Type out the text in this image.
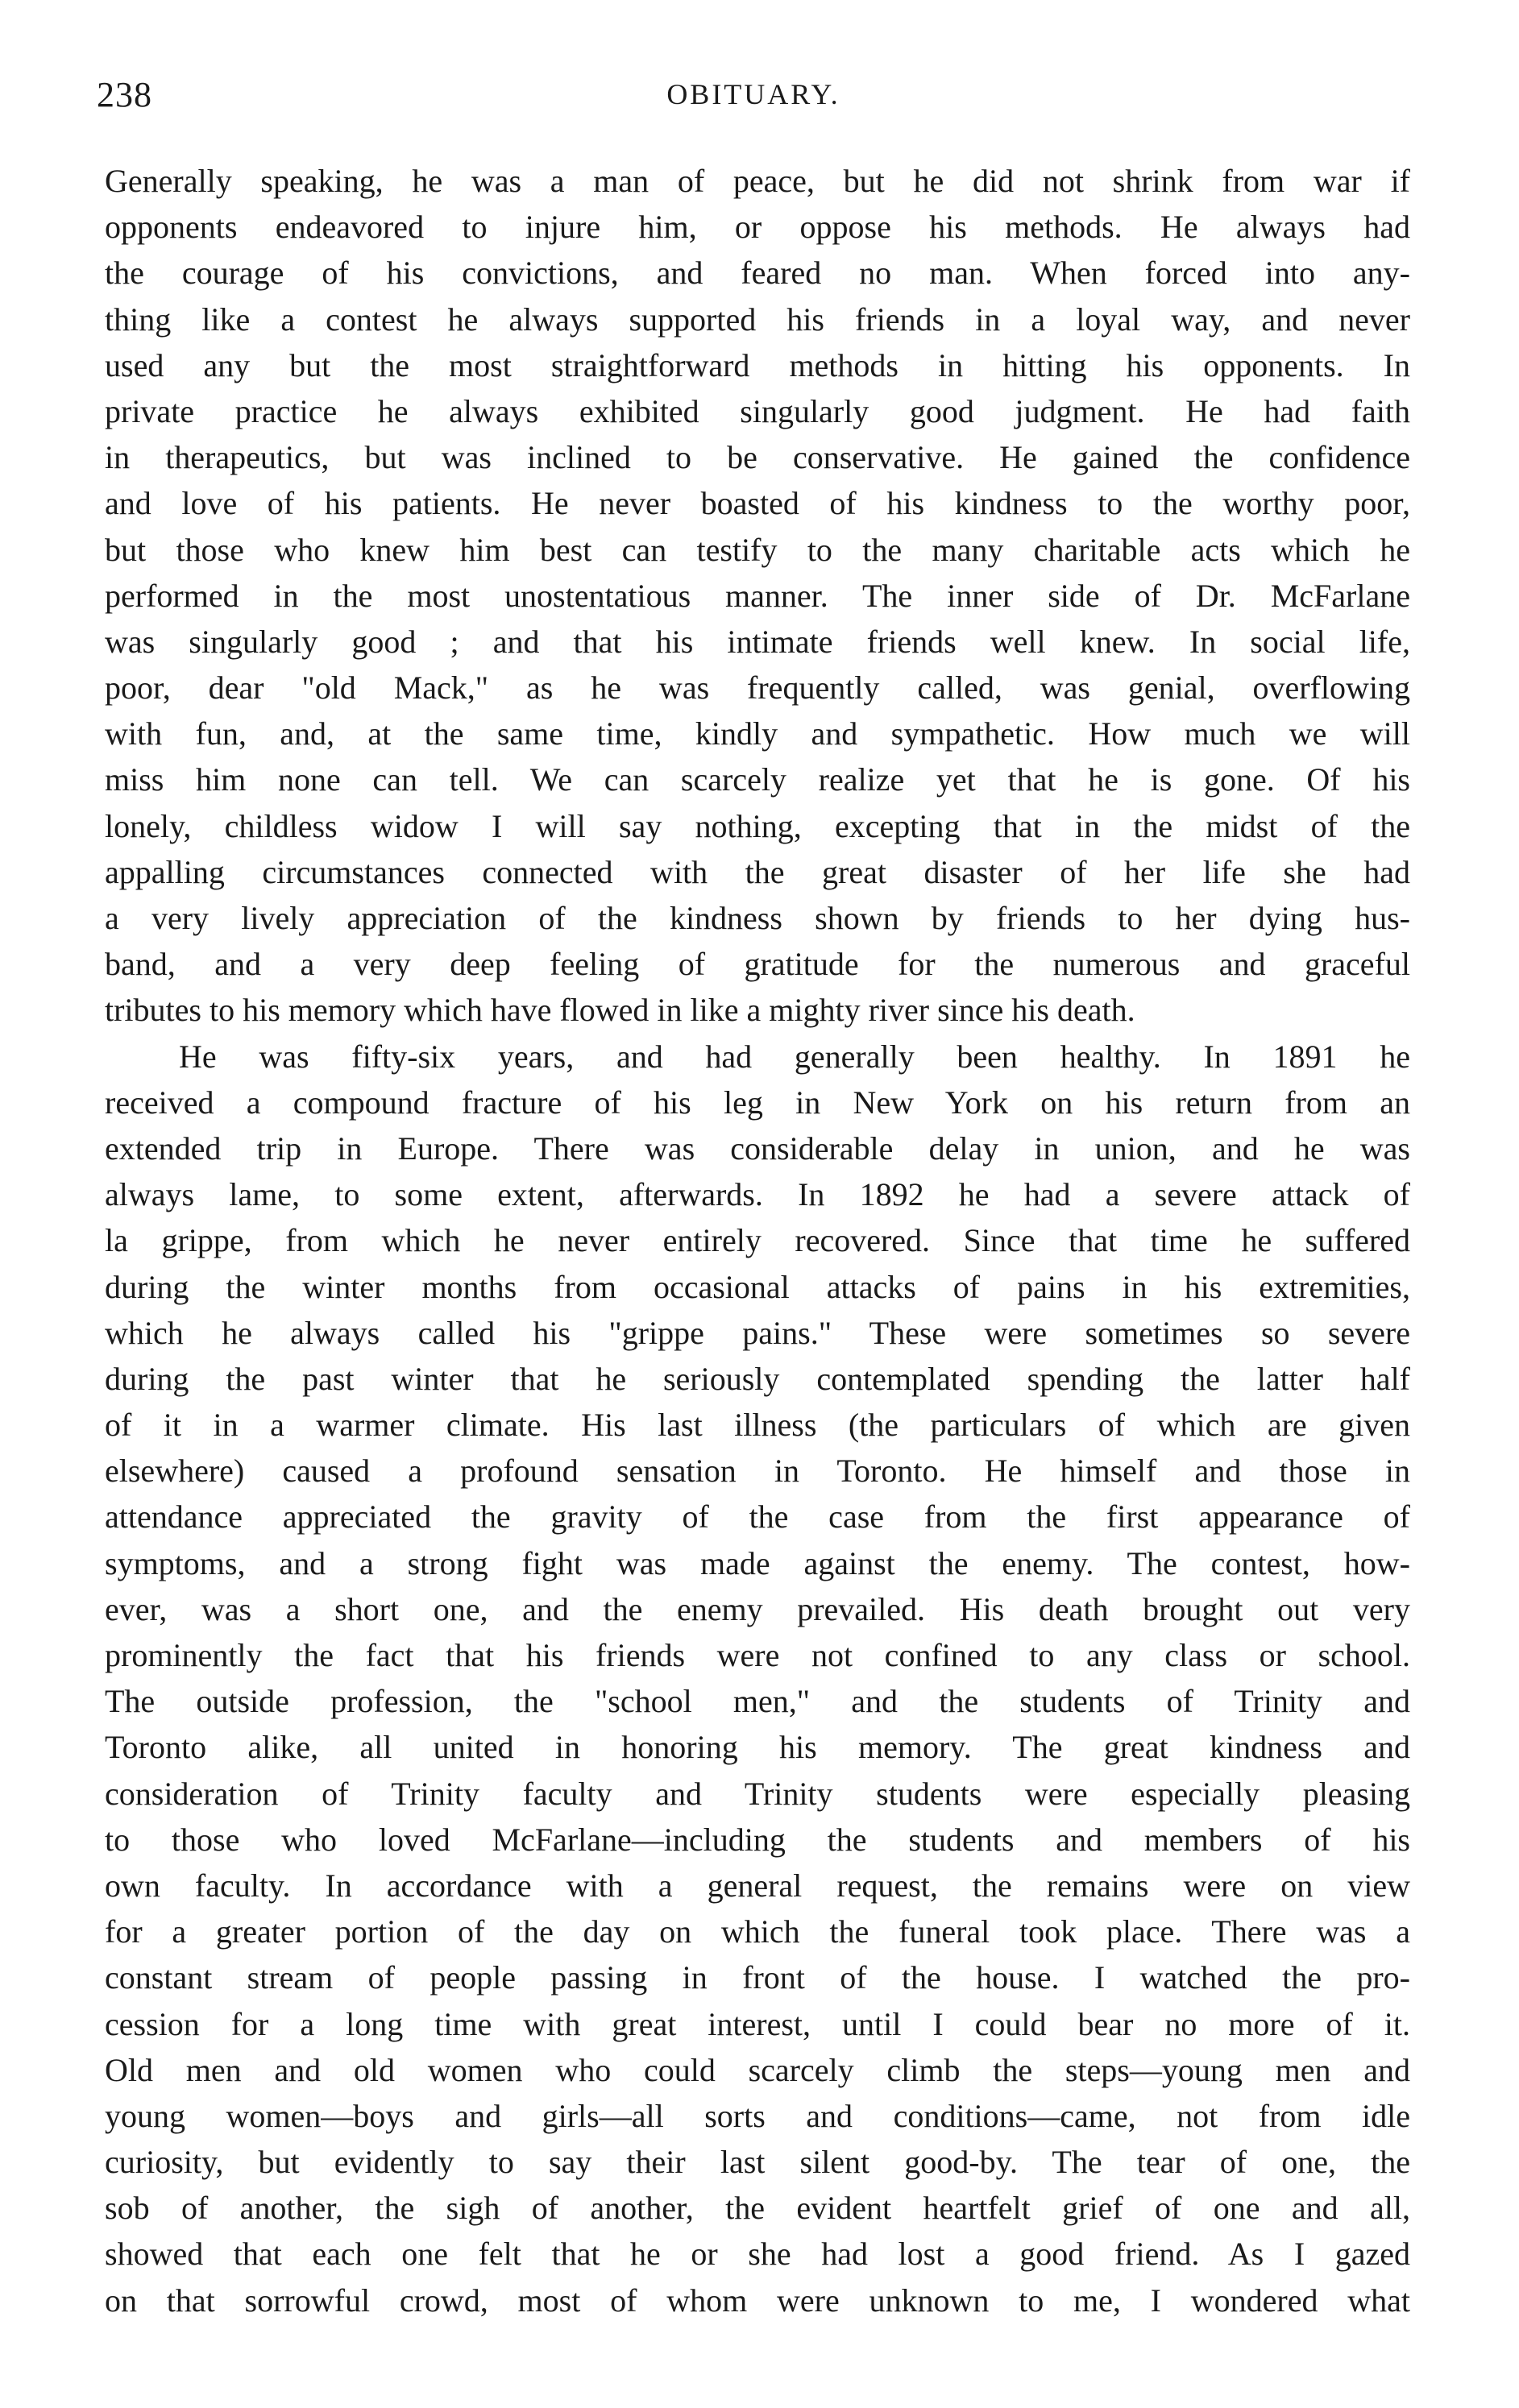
238	OBITUARY.
Generally speaking, he was a man of peace, but he did not shrink from war if
opponents endeavored to injure him, or oppose his methods. He always had
the courage of his convictions, and feared no man. When forced into any-
thing like a contest he always supported his friends in a loyal way, and never
used any but the most straightforward methods in hitting his opponents. In
private practice he always exhibited singularly good judgment. He had faith
in therapeutics, but was inclined to be conservative. He gained the confidence
and love of his patients. He never boasted of his kindness to the worthy poor,
but those who knew him best can testify to the many charitable acts which he
performed in the most unostentatious manner. The inner side of Dr. McFarlane
was singularly good ; and that his intimate friends well knew. In social life,
poor, dear "old Mack," as he was frequently called, was genial, overflowing
with fun, and, at the same time, kindly and sympathetic. How much we will
miss him none can tell. We can scarcely realize yet that he is gone. Of his
lonely, childless widow I will say nothing, excepting that in the midst of the
appalling circumstances connected with the great disaster of her life she had
a very lively appreciation of the kindness shown by friends to her dying hus-
band, and a very deep feeling of gratitude for the numerous and graceful
tributes to his memory which have flowed in like a mighty river since his death.
He was fifty-six years, and had generally been healthy. In 1891 he
received a compound fracture of his leg in New York on his return from an
extended trip in Europe. There was considerable delay in union, and he was
always lame, to some extent, afterwards. In 1892 he had a severe attack of
la grippe, from which he never entirely recovered. Since that time he suffered
during the winter months from occasional attacks of pains in his extremities,
which he always called his "grippe pains." These were sometimes so severe
during the past winter that he seriously contemplated spending the latter half
of it in a warmer climate. His last illness (the particulars of which are given
elsewhere) caused a profound sensation in Toronto. He himself and those in
attendance appreciated the gravity of the case from the first appearance of
symptoms, and a strong fight was made against the enemy. The contest, how-
ever, was a short one, and the enemy prevailed. His death brought out very
prominently the fact that his friends were not confined to any class or school.
The outside profession, the "school men," and the students of Trinity and
Toronto alike, all united in honoring his memory. The great kindness and
consideration of Trinity faculty and Trinity students were especially pleasing
to those who loved McFarlane—including the students and members of his
own faculty. In accordance with a general request, the remains were on view
for a greater portion of the day on which the funeral took place. There was a
constant stream of people passing in front of the house. I watched the pro-
cession for a long time with great interest, until I could bear no more of it.
Old men and old women who could scarcely climb the steps—young men and
young women—boys and girls—all sorts and conditions—came, not from idle
curiosity, but evidently to say their last silent good-by. The tear of one, the
sob of another, the sigh of another, the evident heartfelt grief of one and all,
showed that each one felt that he or she had lost a good friend. As I gazed
on that sorrowful crowd, most of whom were unknown to me, I wondered what
